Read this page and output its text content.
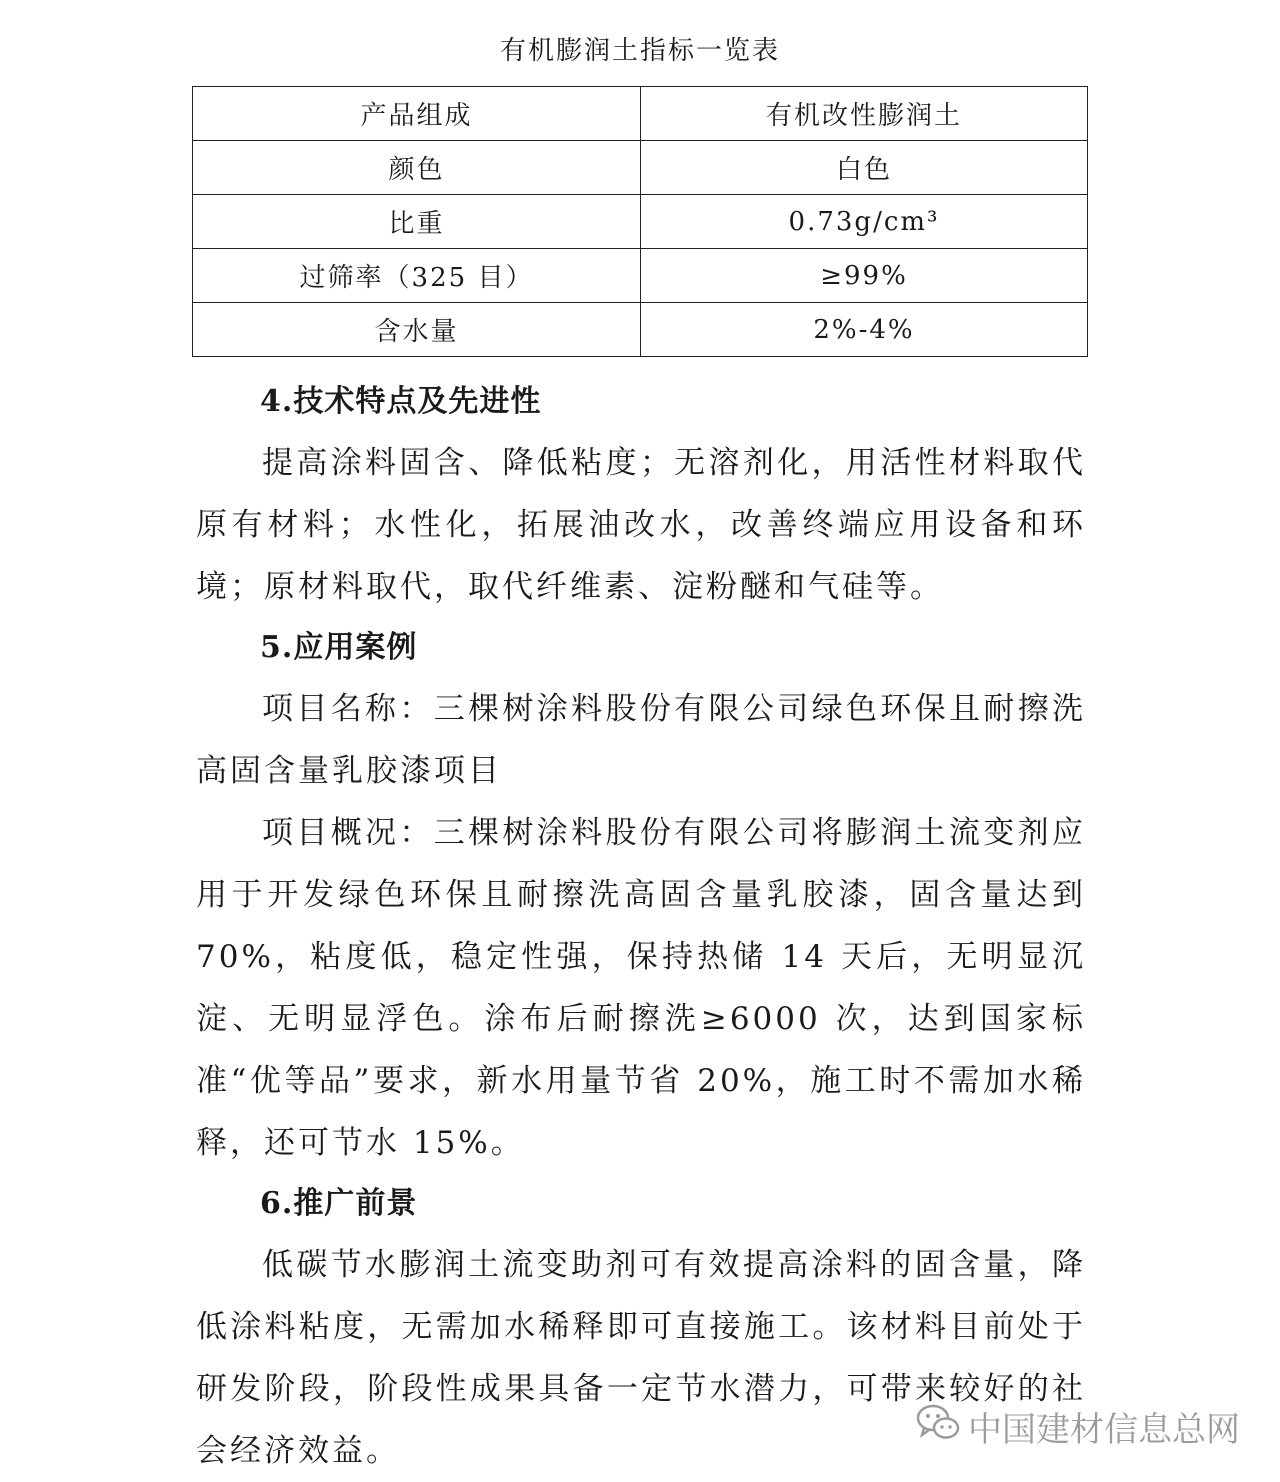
有机膨润土指标一览表
产品组成	有机改性膨润土
颜色	白色
比重	0.73g/cm³
过筛率（325 目）	≥99%
含水量	2%-4%
4.技术特点及先进性

提高涂料固含、降低粘度；无溶剂化，用活性材料取代原有材料；水性化，拓展油改水，改善终端应用设备和环境；原材料取代，取代纤维素、淀粉醚和气硅等。

5.应用案例

项目名称：三棵树涂料股份有限公司绿色环保且耐擦洗高固含量乳胶漆项目

项目概况：三棵树涂料股份有限公司将膨润土流变剂应用于开发绿色环保且耐擦洗高固含量乳胶漆，固含量达到70%，粘度低，稳定性强，保持热储 14 天后，无明显沉淀、无明显浮色。涂布后耐擦洗≥6000 次，达到国家标准“优等品”要求，新水用量节省 20%，施工时不需加水稀释，还可节水 15%。

6.推广前景

低碳节水膨润土流变助剂可有效提高涂料的固含量，降低涂料粘度，无需加水稀释即可直接施工。该材料目前处于研发阶段，阶段性成果具备一定节水潜力，可带来较好的社会经济效益。

中国建材信息总网
